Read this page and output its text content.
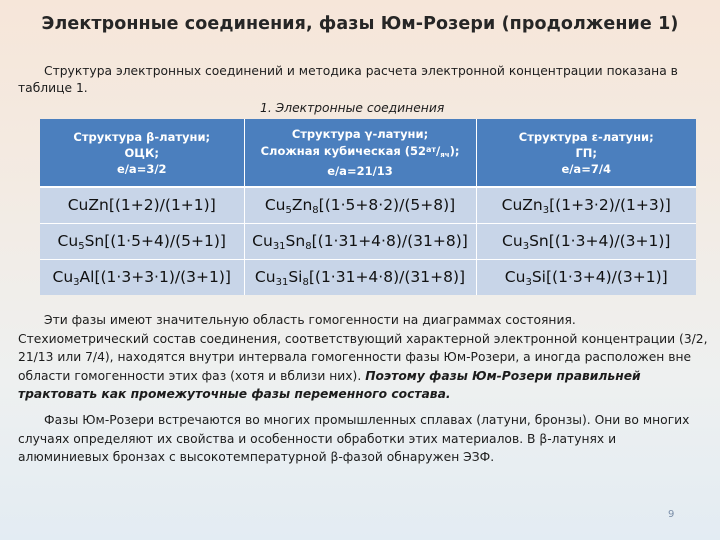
Электронные соединения, фазы Юм-Розери (продолжение 1)
Структура электронных соединений и методика расчета электронной концентрации показана в таблице 1.
1. Электронные соединения
Структура β-латуни;
ОЦК;
е/а=3/2	Структура γ-латуни;
Сложная кубическая $(52^{ат}/яч)$;
е/а=21/13	Структура ε-латуни;
ГП;
е/а=7/4

CuZn[(1+2)/(1+1)]	$Cu_5Zn_8[(1\cdot 5+8\cdot 2)/(5+8)]$	CuZn$_3$[(1+3·2)/(1+3)]
$Cu_5Sn[(1\cdot 5+4)/(5+1)]$	$Cu_{31}Sn_8[(1\cdot 31+4\cdot 8)/(31+8)]$	$Cu_3Sn[(1\cdot 3+4)/(3+1)]$
$Cu_3Al[(1\cdot 3+3\cdot 1)/(3+1)]$	$Cu_{31}Si_8[(1\cdot 31+4\cdot 8)/(31+8)]$	$Cu_3Si[(1\cdot 3+4)/(3+1)]$
Эти фазы имеют значительную область гомогенности на диаграммах состояния. Стехиометрический состав соединения, соответствующий характерной электронной концентрации (3/2, 21/13 или 7/4), находятся внутри интервала гомогенности фазы Юм-Розери, а иногда расположен вне области гомогенности этих фаз (хотя и вблизи них). Поэтому фазы Юм-Розери правильней трактовать как промежуточные фазы переменного состава.
Фазы Юм-Розери встречаются во многих промышленных сплавах (латуни, бронзы). Они во многих случаях определяют их свойства и особенности обработки этих материалов. В β-латунях и алюминиевых бронзах с высокотемпературной β-фазой обнаружен ЭЗФ.
9
